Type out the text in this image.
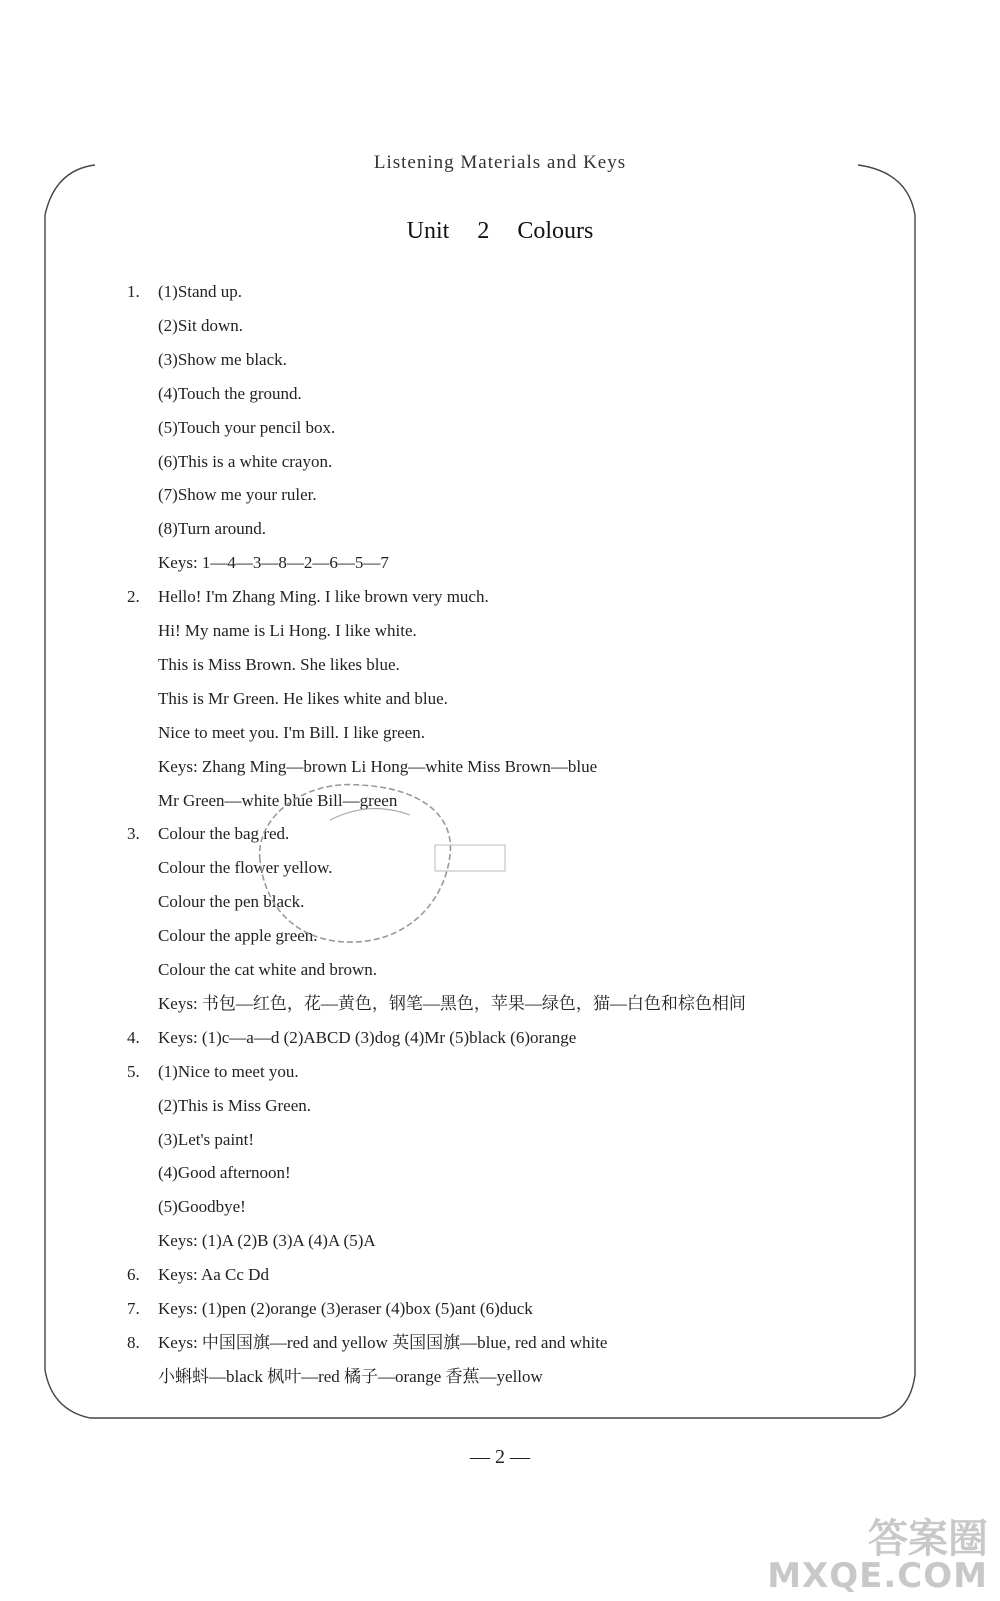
Listening Materials and Keys
Unit 2 Colours
1. (1)Stand up.
(2)Sit down.
(3)Show me black.
(4)Touch the ground.
(5)Touch your pencil box.
(6)This is a white crayon.
(7)Show me your ruler.
(8)Turn around.
Keys: 1—4—3—8—2—6—5—7
2. Hello! I'm Zhang Ming. I like brown very much.
Hi! My name is Li Hong. I like white.
This is Miss Brown. She likes blue.
This is Mr Green. He likes white and blue.
Nice to meet you. I'm Bill. I like green.
Keys: Zhang Ming—brown Li Hong—white Miss Brown—blue
Mr Green—white blue Bill—green
3. Colour the bag red.
Colour the flower yellow.
Colour the pen black.
Colour the apple green.
Colour the cat white and brown.
Keys: 书包—红色，花—黄色，钢笔—黑色，苹果—绿色，猫—白色和棕色相间
4. Keys: (1)c—a—d (2)ABCD (3)dog (4)Mr (5)black (6)orange
5. (1)Nice to meet you.
(2)This is Miss Green.
(3)Let's paint!
(4)Good afternoon!
(5)Goodbye!
Keys: (1)A (2)B (3)A (4)A (5)A
6. Keys: Aa Cc Dd
7. Keys: (1)pen (2)orange (3)eraser (4)box (5)ant (6)duck
8. Keys: 中国国旗—red and yellow 英国国旗—blue, red and white
小蝌蚪—black 枫叶—red 橘子—orange 香蕉—yellow
— 2 —
答案圈
MXQE.COM
